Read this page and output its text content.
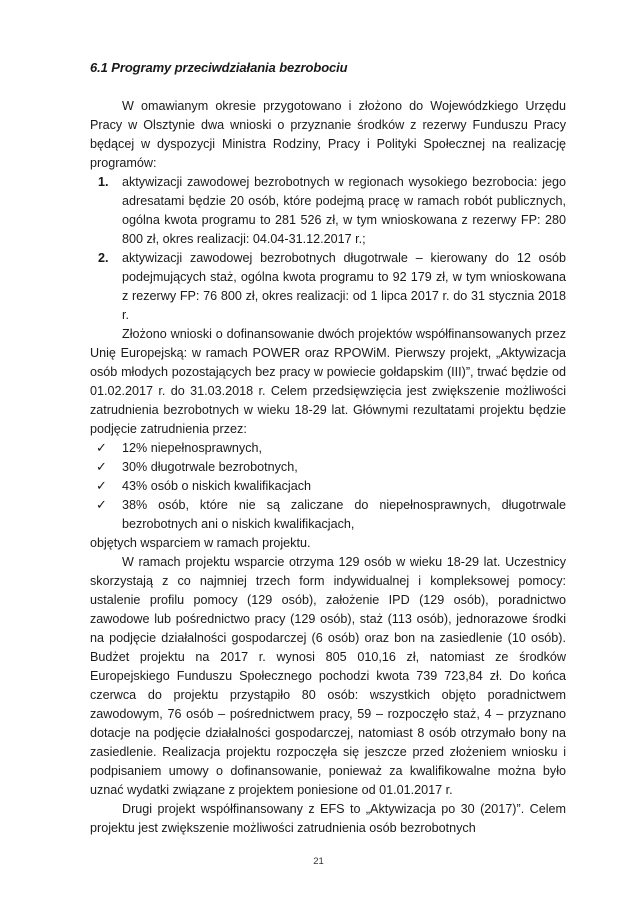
6.1 Programy przeciwdziałania bezrobociu

W omawianym okresie przygotowano i złożono do Wojewódzkiego Urzędu Pracy w Olsztynie dwa wnioski o przyznanie środków z rezerwy Funduszu Pracy będącej w dyspozycji Ministra Rodziny, Pracy i Polityki Społecznej na realizację programów:

1. aktywizacji zawodowej bezrobotnych w regionach wysokiego bezrobocia: jego adresatami będzie 20 osób, które podejmą pracę w ramach robót publicznych, ogólna kwota programu to 281 526 zł, w tym wnioskowana z rezerwy FP: 280 800 zł, okres realizacji: 04.04-31.12.2017 r.;
2. aktywizacji zawodowej bezrobotnych długotrwale – kierowany do 12 osób podejmujących staż, ogólna kwota programu to 92 179 zł, w tym wnioskowana z rezerwy FP: 76 800 zł, okres realizacji: od 1 lipca 2017 r. do 31 stycznia 2018 r.

Złożono wnioski o dofinansowanie dwóch projektów współfinansowanych przez Unię Europejską: w ramach POWER oraz RPOWiM. Pierwszy projekt, „Aktywizacja osób młodych pozostających bez pracy w powiecie gołdapskim (III)”, trwać będzie od 01.02.2017 r. do 31.03.2018 r. Celem przedsięwzięcia jest zwiększenie możliwości zatrudnienia bezrobotnych w wieku 18-29 lat. Głównymi rezultatami projektu będzie podjęcie zatrudnienia przez:

✓ 12% niepełnosprawnych,
✓ 30% długotrwale bezrobotnych,
✓ 43% osób o niskich kwalifikacjach
✓ 38% osób, które nie są zaliczane do niepełnosprawnych, długotrwale bezrobotnych ani o niskich kwalifikacjach,

objętych wsparciem w ramach projektu.

W ramach projektu wsparcie otrzyma 129 osób w wieku 18-29 lat. Uczestnicy skorzystają z co najmniej trzech form indywidualnej i kompleksowej pomocy: ustalenie profilu pomocy (129 osób), założenie IPD (129 osób), poradnictwo zawodowe lub pośrednictwo pracy (129 osób), staż (113 osób), jednorazowe środki na podjęcie działalności gospodarczej (6 osób) oraz bon na zasiedlenie (10 osób). Budżet projektu na 2017 r. wynosi 805 010,16 zł, natomiast ze środków Europejskiego Funduszu Społecznego pochodzi kwota 739 723,84 zł. Do końca czerwca do projektu przystąpiło 80 osób: wszystkich objęto poradnictwem zawodowym, 76 osób – pośrednictwem pracy, 59 – rozpoczęło staż, 4 – przyznano dotacje na podjęcie działalności gospodarczej, natomiast 8 osób otrzymało bony na zasiedlenie. Realizacja projektu rozpoczęła się jeszcze przed złożeniem wniosku i podpisaniem umowy o dofinansowanie, ponieważ za kwalifikowalne można było uznać wydatki związane z projektem poniesione od 01.01.2017 r.

Drugi projekt współfinansowany z EFS to „Aktywizacja po 30 (2017)”. Celem projektu jest zwiększenie możliwości zatrudnienia osób bezrobotnych

21
